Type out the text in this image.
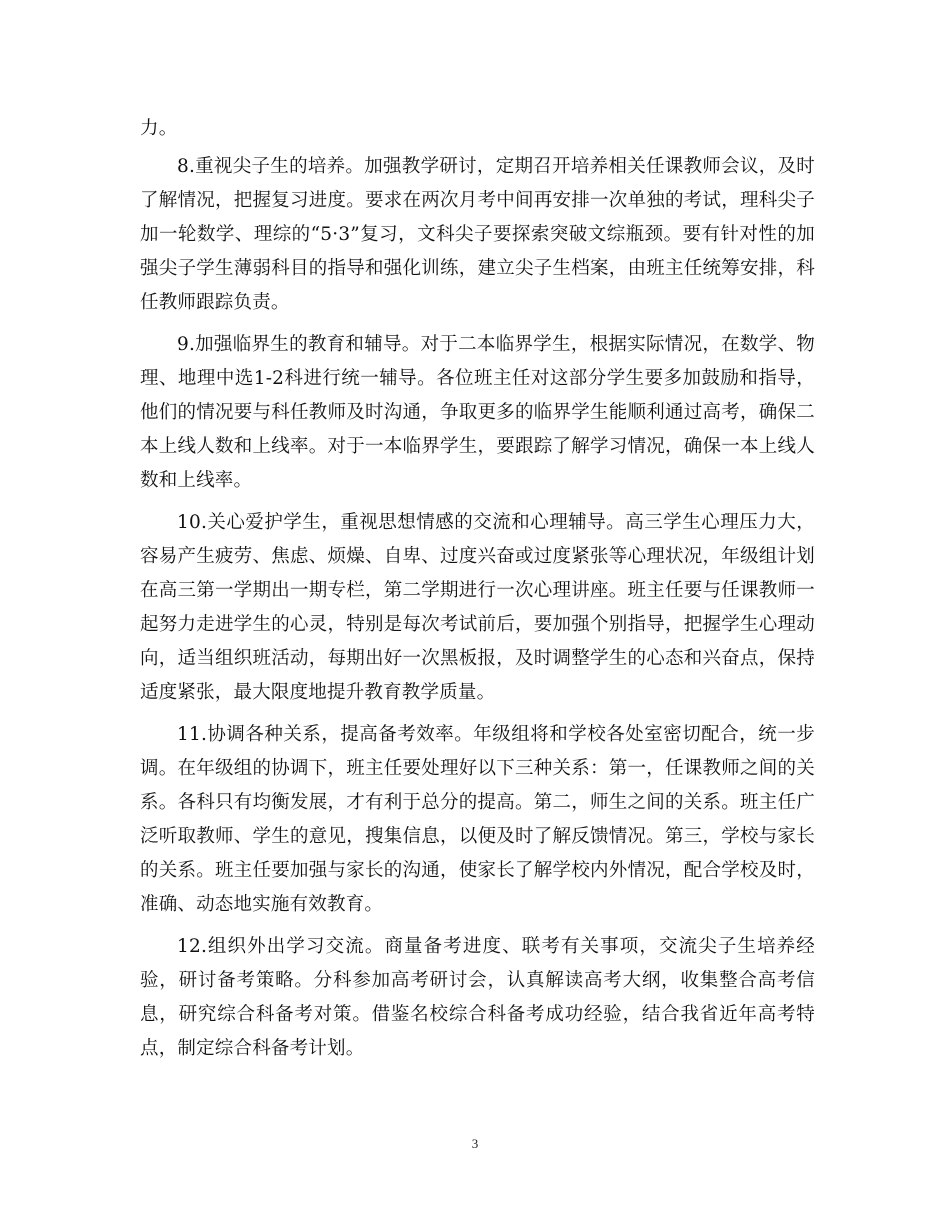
力。

8.重视尖子生的培养。加强教学研讨，定期召开培养相关任课教师会议，及时了解情况，把握复习进度。要求在两次月考中间再安排一次单独的考试，理科尖子加一轮数学、理综的“5·3”复习，文科尖子要探索突破文综瓶颈。要有针对性的加强尖子学生薄弱科目的指导和强化训练，建立尖子生档案，由班主任统筹安排，科任教师跟踪负责。

9.加强临界生的教育和辅导。对于二本临界学生，根据实际情况，在数学、物理、地理中选1-2科进行统一辅导。各位班主任对这部分学生要多加鼓励和指导，他们的情况要与科任教师及时沟通，争取更多的临界学生能顺利通过高考，确保二本上线人数和上线率。对于一本临界学生，要跟踪了解学习情况，确保一本上线人数和上线率。

10.关心爱护学生，重视思想情感的交流和心理辅导。高三学生心理压力大，容易产生疲劳、焦虑、烦燥、自卑、过度兴奋或过度紧张等心理状况，年级组计划在高三第一学期出一期专栏，第二学期进行一次心理讲座。班主任要与任课教师一起努力走进学生的心灵，特别是每次考试前后，要加强个别指导，把握学生心理动向，适当组织班活动，每期出好一次黑板报，及时调整学生的心态和兴奋点，保持适度紧张，最大限度地提升教育教学质量。

11.协调各种关系，提高备考效率。年级组将和学校各处室密切配合，统一步调。在年级组的协调下，班主任要处理好以下三种关系：第一，任课教师之间的关系。各科只有均衡发展，才有利于总分的提高。第二，师生之间的关系。班主任广泛听取教师、学生的意见，搜集信息，以便及时了解反馈情况。第三，学校与家长的关系。班主任要加强与家长的沟通，使家长了解学校内外情况，配合学校及时，准确、动态地实施有效教育。

12.组织外出学习交流。商量备考进度、联考有关事项，交流尖子生培养经验，研讨备考策略。分科参加高考研讨会，认真解读高考大纲，收集整合高考信息，研究综合科备考对策。借鉴名校综合科备考成功经验，结合我省近年高考特点，制定综合科备考计划。

3
